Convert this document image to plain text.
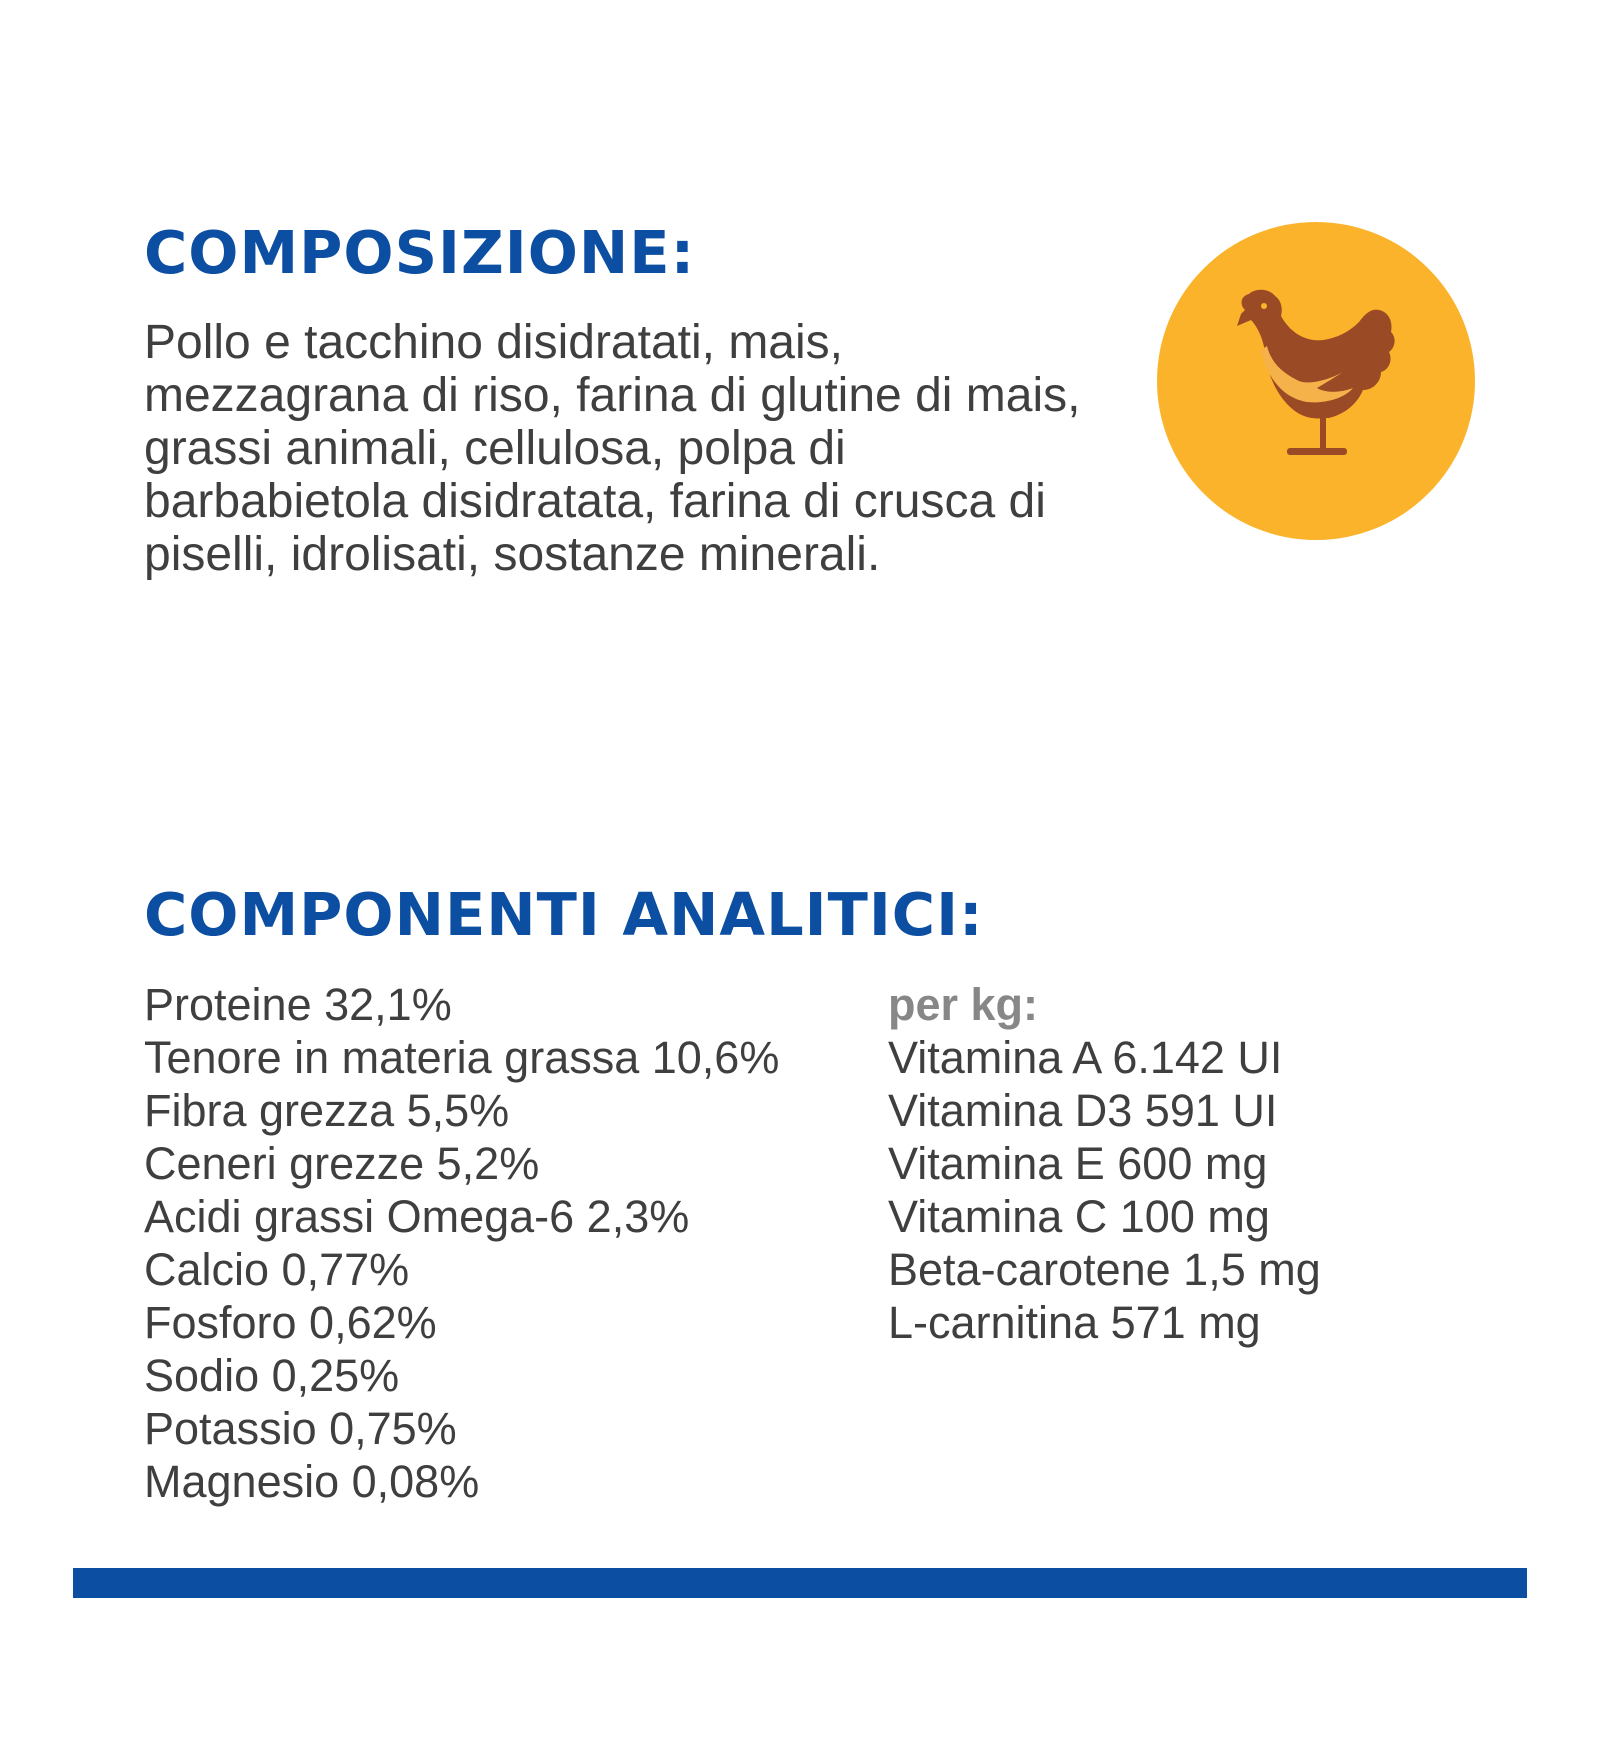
COMPOSIZIONE:

Pollo e tacchino disidratati, mais, mezzagrana di riso, farina di glutine di mais, grassi animali, cellulosa, polpa di barbabietola disidratata, farina di crusca di piselli, idrolisati, sostanze minerali.

COMPONENTI ANALITICI:
Proteine 32,1%
Tenore in materia grassa 10,6%
Fibra grezza 5,5%
Ceneri grezze 5,2%
Acidi grassi Omega-6 2,3%
Calcio 0,77%
Fosforo 0,62%
Sodio 0,25%
Potassio 0,75%
Magnesio 0,08%

per kg:

Vitamina A 6.142 UI
Vitamina D3 591 UI
Vitamina E 600 mg
Vitamina C 100 mg
Beta-carotene 1,5 mg
L-carnitina 571 mg
